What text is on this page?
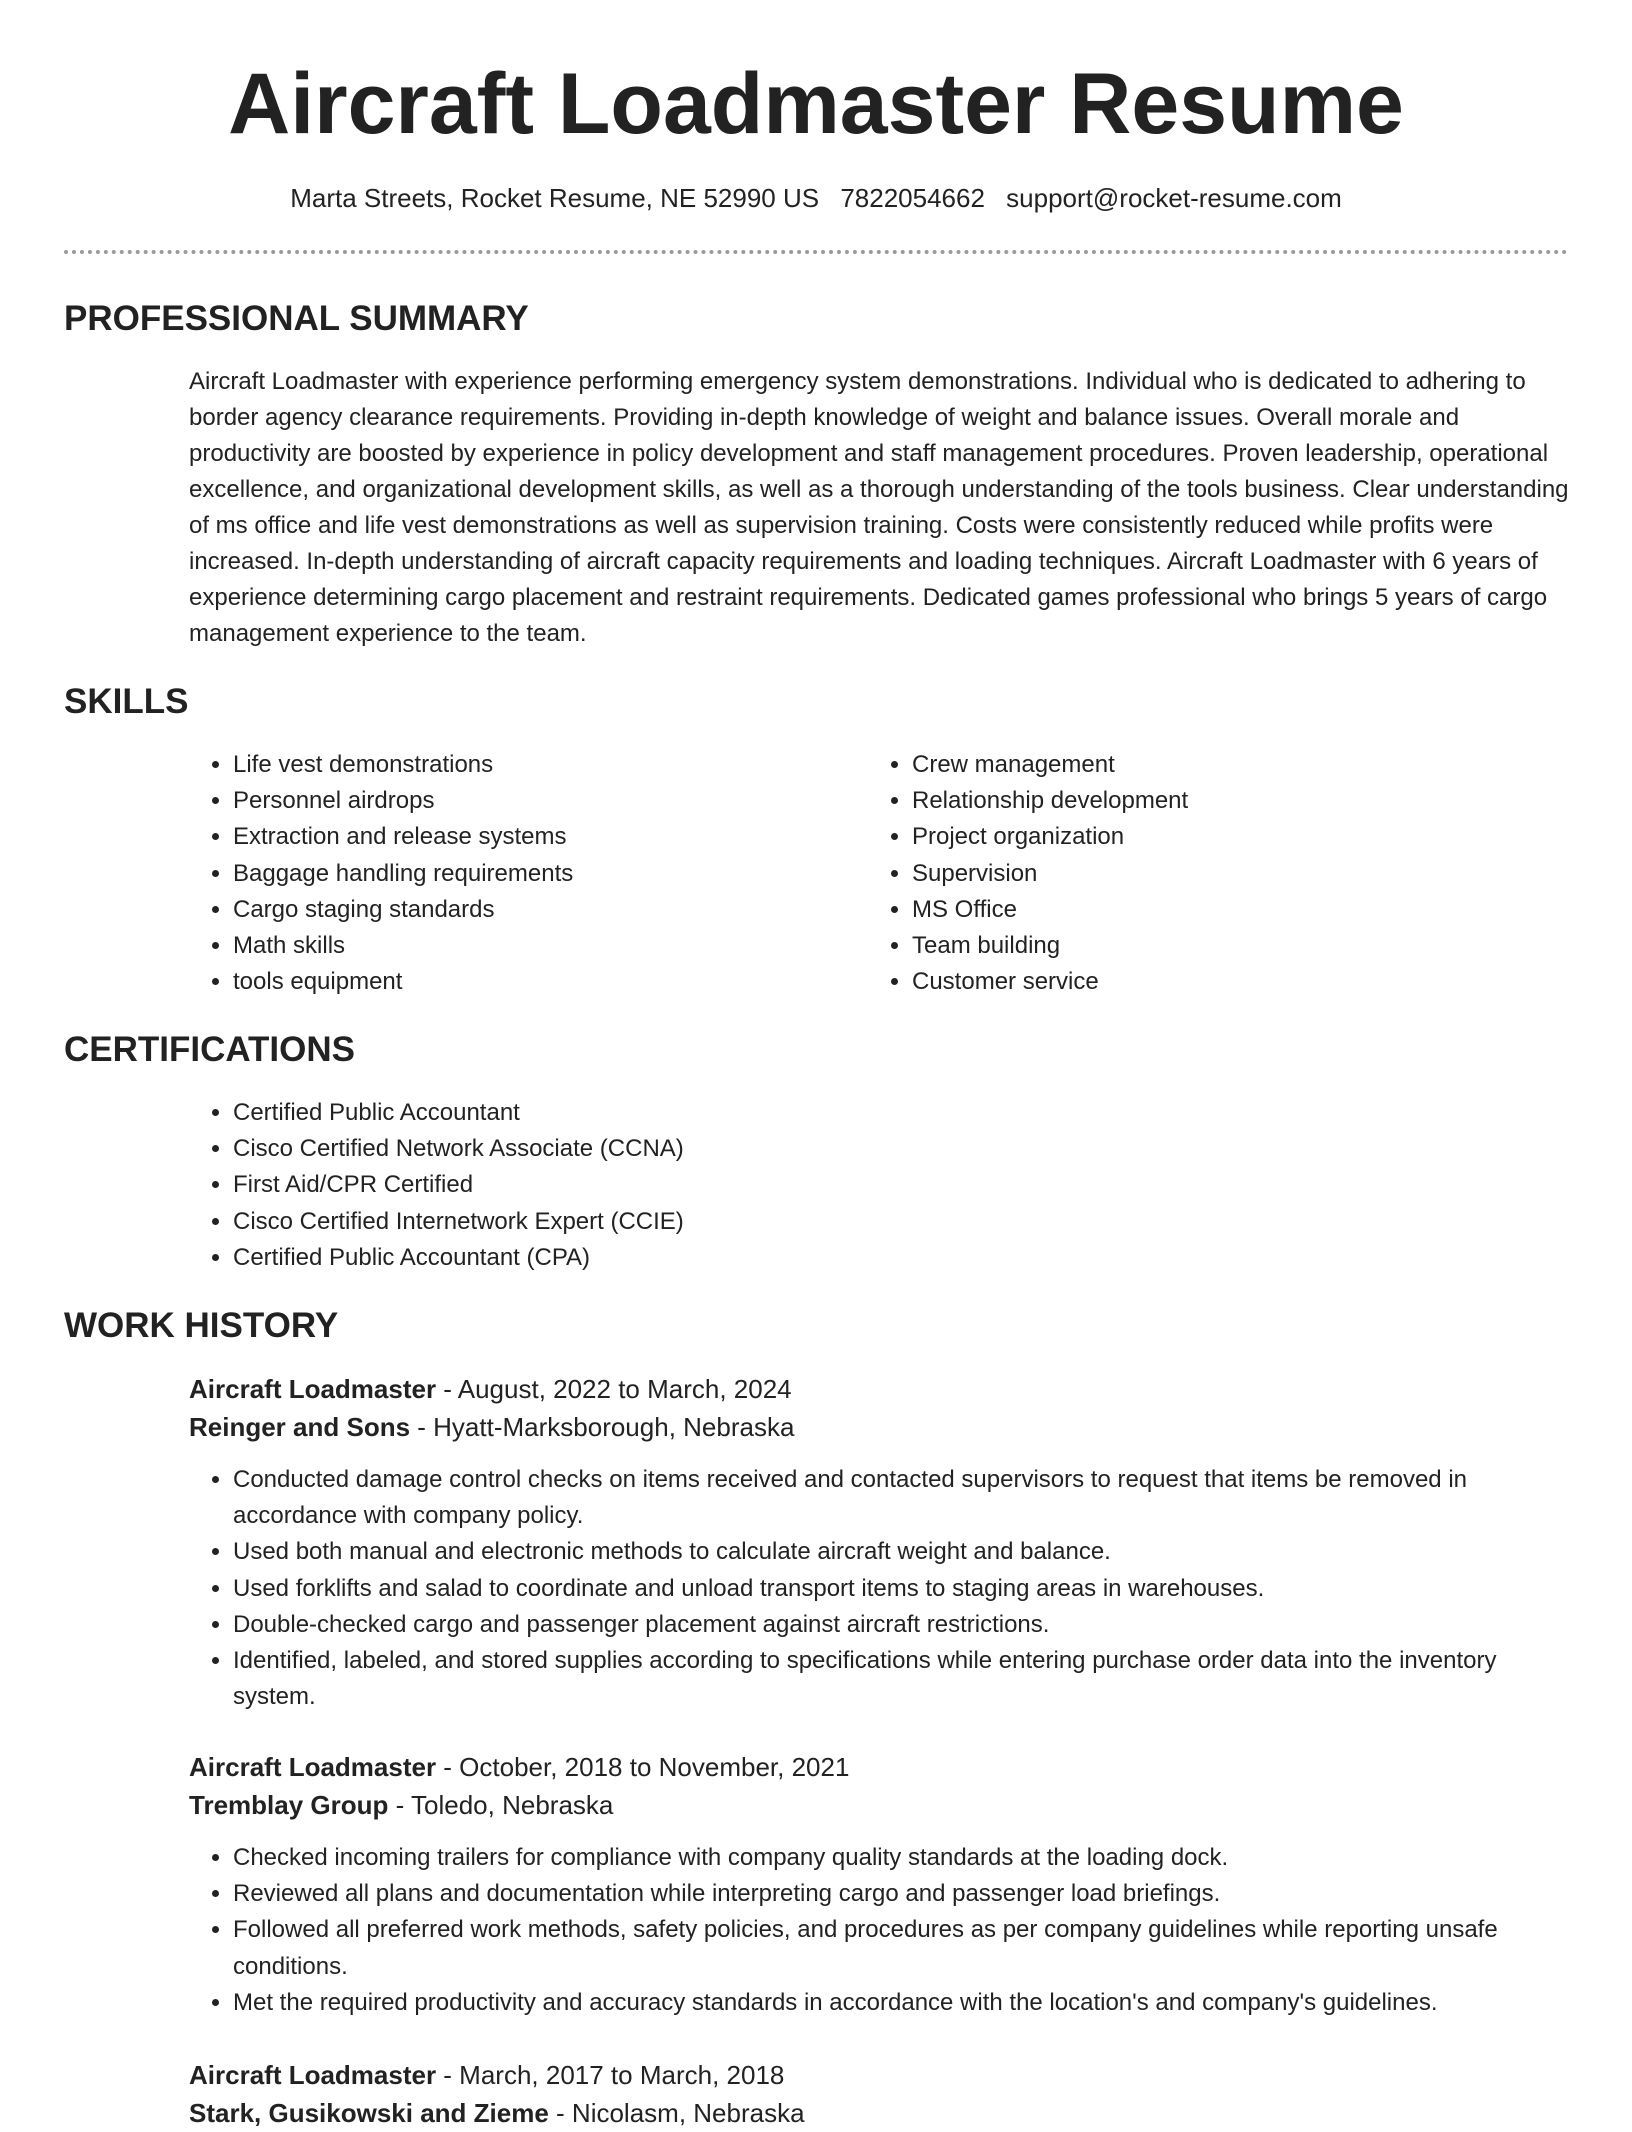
Aircraft Loadmaster Resume
Marta Streets, Rocket Resume, NE 52990 US 7822054662 support@rocket-resume.com
PROFESSIONAL SUMMARY
Aircraft Loadmaster with experience performing emergency system demonstrations. Individual who is dedicated to adhering to border agency clearance requirements. Providing in-depth knowledge of weight and balance issues. Overall morale and productivity are boosted by experience in policy development and staff management procedures. Proven leadership, operational excellence, and organizational development skills, as well as a thorough understanding of the tools business. Clear understanding of ms office and life vest demonstrations as well as supervision training. Costs were consistently reduced while profits were increased. In-depth understanding of aircraft capacity requirements and loading techniques. Aircraft Loadmaster with 6 years of experience determining cargo placement and restraint requirements. Dedicated games professional who brings 5 years of cargo management experience to the team.
SKILLS
• Life vest demonstrations
• Personnel airdrops
• Extraction and release systems
• Baggage handling requirements
• Cargo staging standards
• Math skills
• tools equipment
• Crew management
• Relationship development
• Project organization
• Supervision
• MS Office
• Team building
• Customer service
CERTIFICATIONS
• Certified Public Accountant
• Cisco Certified Network Associate (CCNA)
• First Aid/CPR Certified
• Cisco Certified Internetwork Expert (CCIE)
• Certified Public Accountant (CPA)
WORK HISTORY
Aircraft Loadmaster - August, 2022 to March, 2024
Reinger and Sons - Hyatt-Marksborough, Nebraska
• Conducted damage control checks on items received and contacted supervisors to request that items be removed in accordance with company policy.
• Used both manual and electronic methods to calculate aircraft weight and balance.
• Used forklifts and salad to coordinate and unload transport items to staging areas in warehouses.
• Double-checked cargo and passenger placement against aircraft restrictions.
• Identified, labeled, and stored supplies according to specifications while entering purchase order data into the inventory system.
Aircraft Loadmaster - October, 2018 to November, 2021
Tremblay Group - Toledo, Nebraska
• Checked incoming trailers for compliance with company quality standards at the loading dock.
• Reviewed all plans and documentation while interpreting cargo and passenger load briefings.
• Followed all preferred work methods, safety policies, and procedures as per company guidelines while reporting unsafe conditions.
• Met the required productivity and accuracy standards in accordance with the location's and company's guidelines.
Aircraft Loadmaster - March, 2017 to March, 2018
Stark, Gusikowski and Zieme - Nicolasm, Nebraska
